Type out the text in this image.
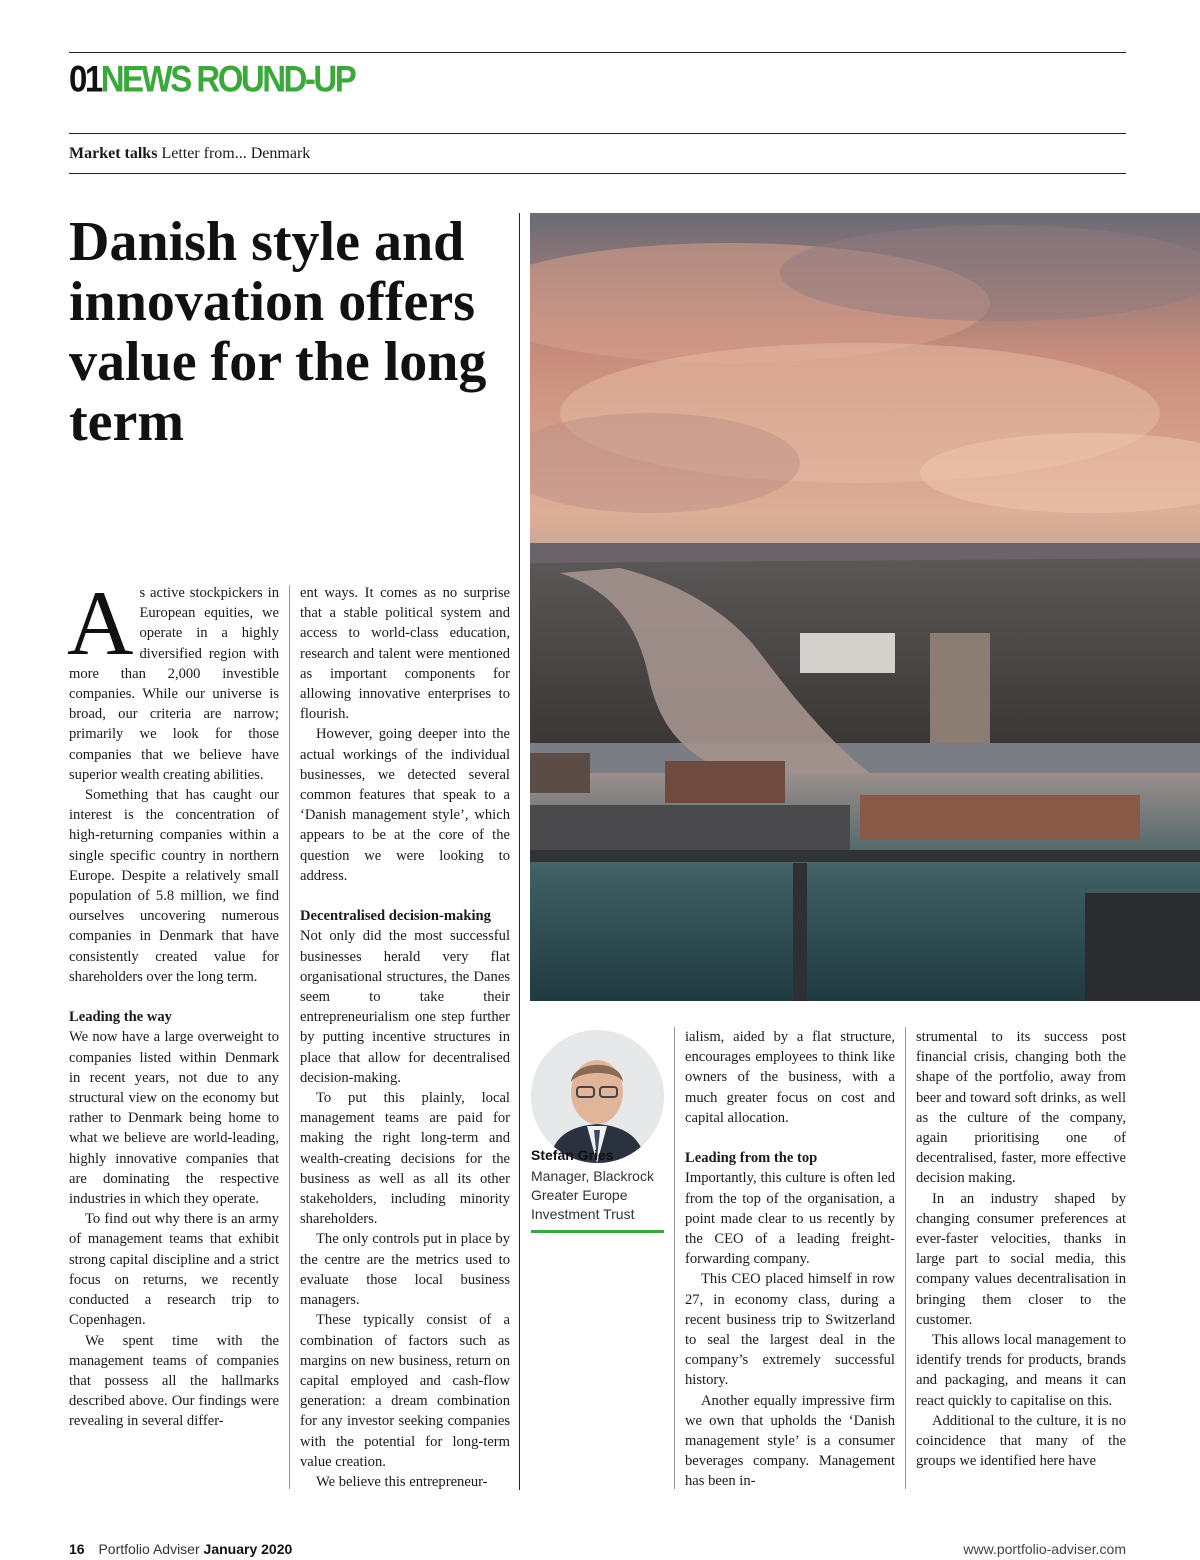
01NEWS ROUND-UP
Market talks Letter from... Denmark
Danish style and innovation offers value for the long term

As active stockpickers in European equities, we operate in a highly diversified region with more than 2,000 investible companies. While our universe is broad, our criteria are narrow; primarily we look for those companies that we believe have superior wealth creating abilities.

Something that has caught our interest is the concentration of high-returning companies within a single specific country in northern Europe. Despite a relatively small population of 5.8 million, we find ourselves uncovering numerous companies in Denmark that have consistently created value for shareholders over the long term.

Leading the way

We now have a large overweight to companies listed within Denmark in recent years, not due to any structural view on the economy but rather to Denmark being home to what we believe are world-leading, highly innovative companies that are dominating the respective industries in which they operate.

To find out why there is an army of management teams that exhibit strong capital discipline and a strict focus on returns, we recently conducted a research trip to Copenhagen.

We spent time with the management teams of companies that possess all the hallmarks described above. Our findings were revealing in several differ-

ent ways. It comes as no surprise that a stable political system and access to world-class education, research and talent were mentioned as important components for allowing innovative enterprises to flourish.

However, going deeper into the actual workings of the individual businesses, we detected several common features that speak to a ‘Danish management style’, which appears to be at the core of the question we were looking to address.

Decentralised decision-making

Not only did the most successful businesses herald very flat organisational structures, the Danes seem to take their entrepreneurialism one step further by putting incentive structures in place that allow for decentralised decision-making.

To put this plainly, local management teams are paid for making the right long-term and wealth-creating decisions for the business as well as all its other stakeholders, including minority shareholders.

The only controls put in place by the centre are the metrics used to evaluate those local business managers.

These typically consist of a combination of factors such as margins on new business, return on capital employed and cash-flow generation: a dream combination for any investor seeking companies with the potential for long-term value creation.

We believe this entrepreneur-

Stefan Gries
Manager, Blackrock Greater Europe Investment Trust

ialism, aided by a flat structure, encourages employees to think like owners of the business, with a much greater focus on cost and capital allocation.

Leading from the top

Importantly, this culture is often led from the top of the organisation, a point made clear to us recently by the CEO of a leading freight-forwarding company.

This CEO placed himself in row 27, in economy class, during a recent business trip to Switzerland to seal the largest deal in the company’s extremely successful history.

Another equally impressive firm we own that upholds the ‘Danish management style’ is a consumer beverages company. Management has been in-

strumental to its success post financial crisis, changing both the shape of the portfolio, away from beer and toward soft drinks, as well as the culture of the company, again prioritising one of decentralised, faster, more effective decision making.

In an industry shaped by changing consumer preferences at ever-faster velocities, thanks in large part to social media, this company values decentralisation in bringing them closer to the customer.

This allows local management to identify trends for products, brands and packaging, and means it can react quickly to capitalise on this.

Additional to the culture, it is no coincidence that many of the groups we identified here have

16 Portfolio Adviser January 2020	www.portfolio-adviser.com
